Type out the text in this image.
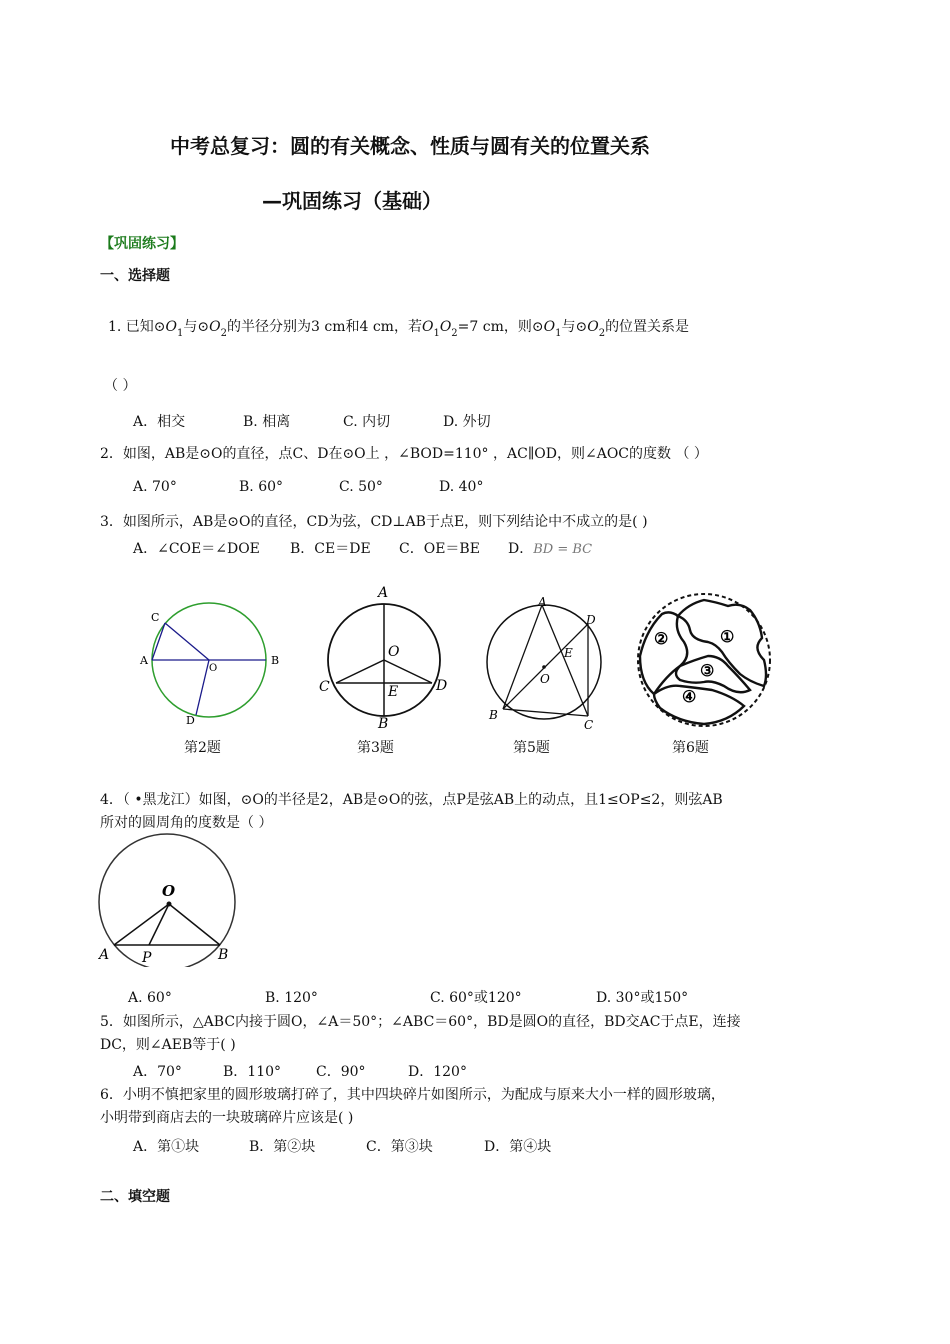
中考总复习：圆的有关概念、性质与圆有关的位置关系
—巩固练习（基础）
【巩固练习】
一、选择题
1. 已知$⊙O_1$与$⊙O_2$的半径分别为3 cm和4 cm，若$O_1O_2=7$ cm，则$⊙O_1$与$⊙O_2$的位置关系是
（ ）
A．相交	B. 相离	C. 内切	D. 外切
2．如图，AB是⊙O的直径，点C、D在⊙O上 ，∠BOD=110° ，AC∥OD，则∠AOC的度数 （ ）
A. 70°	B. 60°	C. 50°	D. 40°
3．如图所示，AB是⊙O的直径，CD为弦，CD⊥AB于点E，则下列结论中不成立的是( )
A．∠COE＝∠DOE B．CE＝DE C．OE＝BE D．BD = BC
C
A
O
B
D
第2题
A
O
C	E	D
B
第3题
A
D
E
O
B
C
第5题
②	①
③
④
第6题
4．（ •黑龙江）如图，⊙O的半径是2，AB是⊙O的弦，点P是弦AB上的动点，且1≤OP≤2，则弦AB
所对的圆周角的度数是（ ）
O
A P	B
A. 60°	B. 120°	C. 60°或120°	D. 30°或150°
5．如图所示，△ABC内接于圆O，∠A＝50°；∠ABC＝60°，BD是圆O的直径，BD交AC于点E，连接
DC，则∠AEB等于( )
A．70°	B．110° C．90°	D．120°
6．小明不慎把家里的圆形玻璃打碎了，其中四块碎片如图所示，为配成与原来大小一样的圆形玻璃，
小明带到商店去的一块玻璃碎片应该是( )
A．第①块	B．第②块	C．第③块	D．第④块
二、填空题
